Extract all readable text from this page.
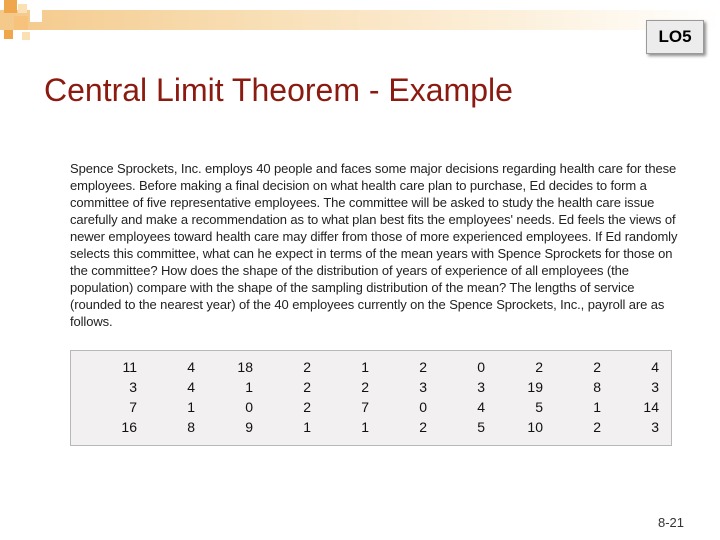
LO5
Central Limit Theorem - Example

Spence Sprockets, Inc. employs 40 people and faces some major decisions regarding health care for these employees. Before making a final decision on what health care plan to purchase, Ed decides to form a committee of five representative employees. The committee will be asked to study the health care issue carefully and make a recommendation as to what plan best fits the employees' needs. Ed feels the views of newer employees toward health care may differ from those of more experienced employees. If Ed randomly selects this committee, what can he expect in terms of the mean years with Spence Sprockets for those on the committee? How does the shape of the distribution of years of experience of all employees (the population) compare with the shape of the sampling distribution of the mean? The lengths of service (rounded to the nearest year) of the 40 employees currently on the Spence Sprockets, Inc., payroll are as follows.

11	4	18	2	1	2	0	2	2	4
3	4	1	2	2	3	3	19	8	3
7	1	0	2	7	0	4	5	1	14
16	8	9	1	1	2	5	10	2	3
8-21
